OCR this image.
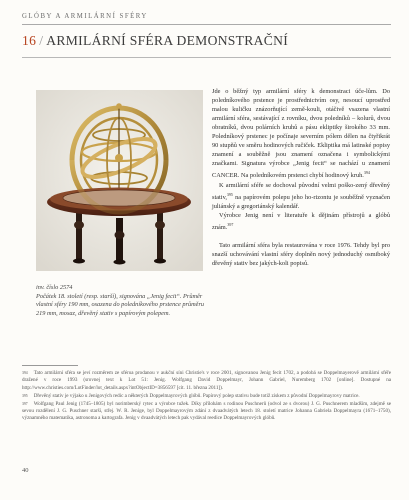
GLÓBY A ARMILÁRNÍ SFÉRY
16 / ARMILÁRNÍ SFÉRA DEMONSTRAČNÍ
inv. číslo 2574
Počátek 18. století (resp. starší), signována „Jenig fecit“. Průměr vlastní sféry 190 mm, osazena do poledníkového prstence průměru 219 mm, mosaz, dřevěný stativ s papírovým polepem.

Jde o běžný typ armilární sféry k demonstraci úče-lům. Do poledníkového prstence je prostřednictvím osy, nesoucí uprostřed malou kuličku znázorňující země-kouli, otáčivě vsazena vlastní armilární sféra, sestávající z rovníku, dvou poledníků – kolurů, dvou obratníků, dvou polárních kruhů a pásu ekliptiky širokého 33 mm. Poledníkový prstenec je počínaje severním pólem dělen na čtyřikrát 90 stupňů ve směru hodinových ručiček. Ekliptika má latinské popisy znamení a souběžně jsou znamení označena i symbolickými značkami. Signatura výrobce „Jenig fecit“ se nachází u znamení CANCER. Na poledníkovém prstenci chybí hodinový kruh.$^{394}$

K armilární sféře se dochoval původní velmi poško-zený dřevěný stativ,$^{395}$ na papírovém polepu jeho ho-rizontu je souběžně vyznačen juliánský a gregoriánský kalendář.

Výrobce Jenig není v literatuře k dějinám přístrojů a glóbů znám.$^{397}$

Tato armilární sféra byla restaurována v roce 1976. Tehdy byl pro snazší uchovávání vlastní sféry doplněn nový jednoduchý osmiboký dřevěný stativ bez jakých-koli popisů.

$^{394}$ Tato armilární sféra se jeví rozměrem ze sféroa prodanou v aukční síni Christie's v roce 2001, signovanou Jenig fecit 1702, a podobá se Doppelmayerově armilární sféře dražené v roce 1993 (srovnej text k Lot 51: Jenig. Wolfgang David Doppelmayr, Johann Gabriel, Nuremberg 1702 [online]. Dostupné na http://www.christies.com/LotFinder/lot_details.aspx?intObjectID=3856597 [cit. 11. března 2011]).
$^{395}$ Dřevěný stativ je výjako u Jenigových redic a některých Doppelmayrových glóbů. Papírový polep stativu bude totiž ziskem z původní Doppelmayrovy matrice.
$^{397}$ Wolfgang Paul Jenig (1745–1805) byl norimberský rytec a výrobce tužek. Díky přílohám s rodinou Puschnerů (odvol ze s dvorou) J. G. Puschnerem mladším, zdejmě se sevou rozdělení J. G. Puschner starší, střej. W. R. Jenige, byl Doppelmayrovým zdání z dvaadvátých letech 18. století matrice Johanna Gabriela Doppelmayra (1671–1750), významného matematika, astronoma a kartografa. Jenig v dvaadvátých letech pak vydával reedice Doppelmayrových glóbů.
40
